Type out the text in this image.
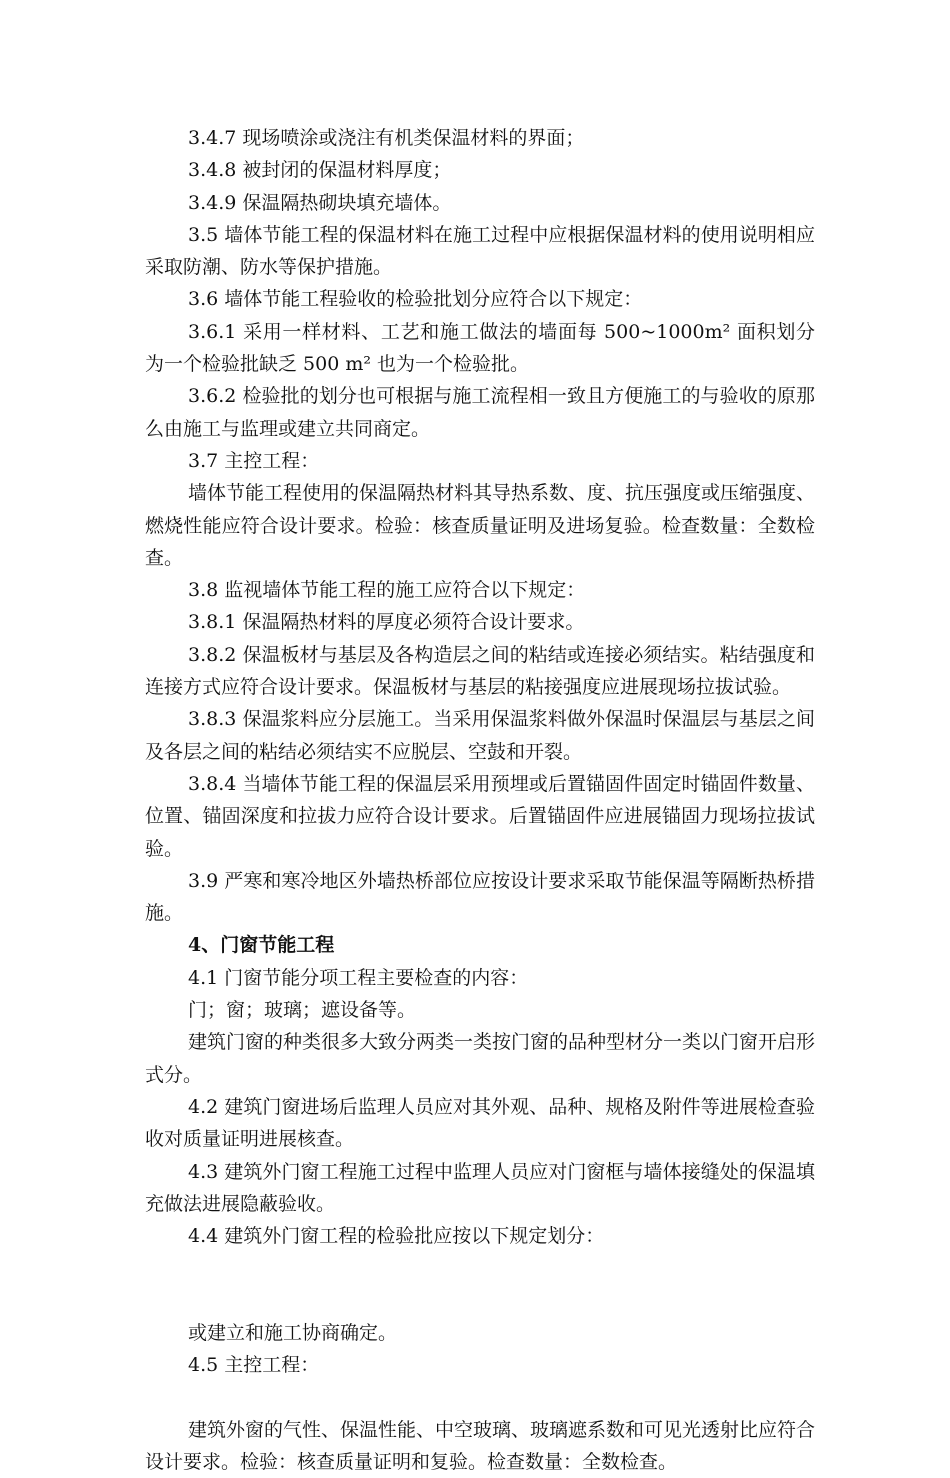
3.4.7 现场喷涂或浇注有机类保温材料的界面；

3.4.8 被封闭的保温材料厚度；

3.4.9 保温隔热砌块填充墙体。

3.5 墙体节能工程的保温材料在施工过程中应根据保温材料的使用说明相应采取防潮、防水等保护措施。

3.6 墙体节能工程验收的检验批划分应符合以下规定：

3.6.1 采用一样材料、工艺和施工做法的墙面每 500~1000m² 面积划分为一个检验批缺乏 500 m² 也为一个检验批。

3.6.2 检验批的划分也可根据与施工流程相一致且方便施工的与验收的原那么由施工与监理或建立共同商定。

3.7 主控工程：

墙体节能工程使用的保温隔热材料其导热系数、度、抗压强度或压缩强度、燃烧性能应符合设计要求。检验：核查质量证明及进场复验。检查数量：全数检查。

3.8 监视墙体节能工程的施工应符合以下规定：

3.8.1 保温隔热材料的厚度必须符合设计要求。

3.8.2 保温板材与基层及各构造层之间的粘结或连接必须结实。粘结强度和连接方式应符合设计要求。保温板材与基层的粘接强度应进展现场拉拔试验。

3.8.3 保温浆料应分层施工。当采用保温浆料做外保温时保温层与基层之间及各层之间的粘结必须结实不应脱层、空鼓和开裂。

3.8.4 当墙体节能工程的保温层采用预埋或后置锚固件固定时锚固件数量、位置、锚固深度和拉拔力应符合设计要求。后置锚固件应进展锚固力现场拉拔试验。

3.9 严寒和寒冷地区外墙热桥部位应按设计要求采取节能保温等隔断热桥措施。

4、门窗节能工程

4.1 门窗节能分项工程主要检查的内容：

门；窗；玻璃；遮设备等。

建筑门窗的种类很多大致分两类一类按门窗的品种型材分一类以门窗开启形式分。

4.2 建筑门窗进场后监理人员应对其外观、品种、规格及附件等进展检查验收对质量证明进展核查。

4.3 建筑外门窗工程施工过程中监理人员应对门窗框与墙体接缝处的保温填充做法进展隐蔽验收。

4.4 建筑外门窗工程的检验批应按以下规定划分：

或建立和施工协商确定。

4.5 主控工程：

建筑外窗的气性、保温性能、中空玻璃、玻璃遮系数和可见光透射比应符合设计要求。检验：核查质量证明和复验。检查数量：全数检查。
